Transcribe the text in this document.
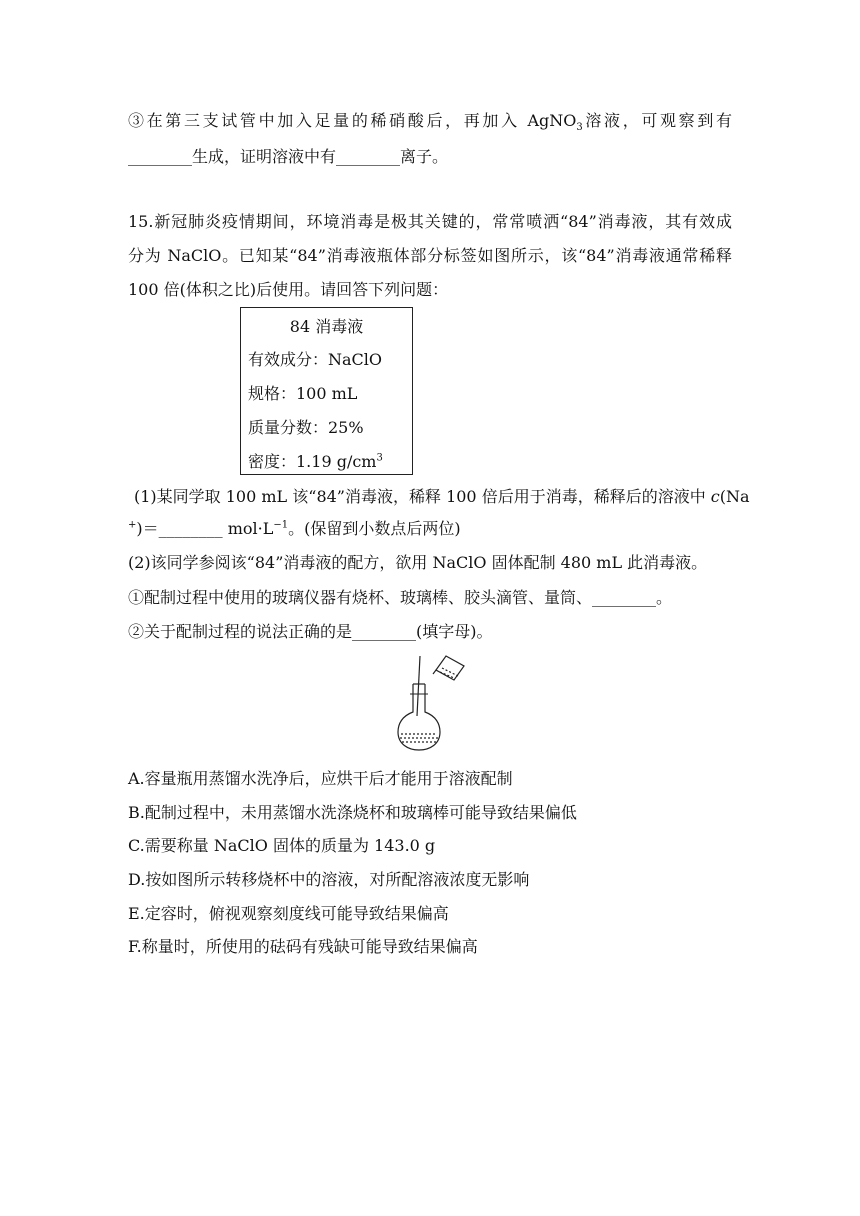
③在第三支试管中加入足量的稀硝酸后，再加入 AgNO$_3$溶液，可观察到有
________生成，证明溶液中有________离子。
15.新冠肺炎疫情期间，环境消毒是极其关键的，常常喷洒“84”消毒液，其有效成
分为 NaClO。已知某“84”消毒液瓶体部分标签如图所示，该“84”消毒液通常稀释
100 倍(体积之比)后使用。请回答下列问题：
84 消毒液
有效成分：NaClO
规格：100 mL
质量分数：25%
密度：1.19 $g/cm^3$
(1)某同学取 100 mL 该“84”消毒液，稀释 100 倍后用于消毒，稀释后的溶液中 c(Na
+)＝________ $mol\cdot L^{-1}$。(保留到小数点后两位)
(2)该同学参阅该“84”消毒液的配方，欲用 NaClO 固体配制 480 mL 此消毒液。
①配制过程中使用的玻璃仪器有烧杯、玻璃棒、胶头滴管、量筒、________。
②关于配制过程的说法正确的是________(填字母)。
A.容量瓶用蒸馏水洗净后，应烘干后才能用于溶液配制
B.配制过程中，未用蒸馏水洗涤烧杯和玻璃棒可能导致结果偏低
C.需要称量 NaClO 固体的质量为 143.0 g
D.按如图所示转移烧杯中的溶液，对所配溶液浓度无影响
E.定容时，俯视观察刻度线可能导致结果偏高
F.称量时，所使用的砝码有残缺可能导致结果偏高
